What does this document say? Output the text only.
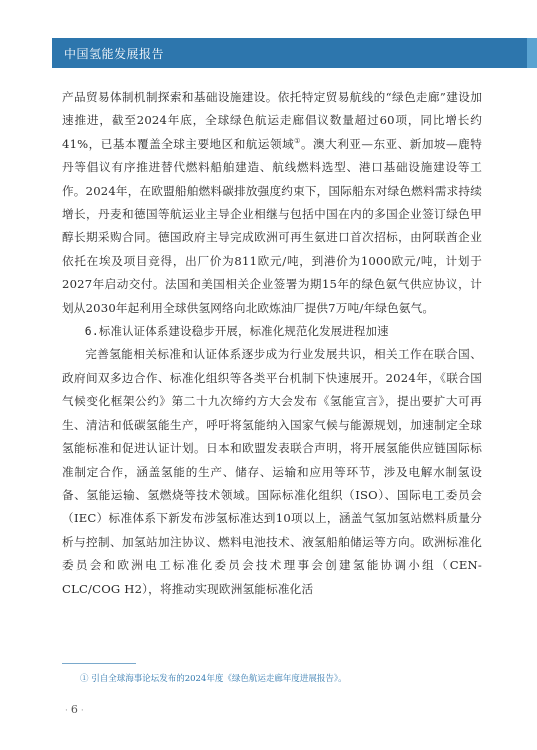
中国氢能发展报告

产品贸易体制机制探索和基础设施建设。依托特定贸易航线的“绿色走廊”建设加速推进，截至2024年底，全球绿色航运走廊倡议数量超过60项，同比增长约41%，已基本覆盖全球主要地区和航运领域①。澳大利亚—东亚、新加坡—鹿特丹等倡议有序推进替代燃料船舶建造、航线燃料选型、港口基础设施建设等工作。2024年，在欧盟船舶燃料碳排放强度约束下，国际船东对绿色燃料需求持续增长，丹麦和德国等航运业主导企业相继与包括中国在内的多国企业签订绿色甲醇长期采购合同。德国政府主导完成欧洲可再生氨进口首次招标，由阿联酋企业依托在埃及项目竞得，出厂价为811欧元/吨，到港价为1000欧元/吨，计划于2027年启动交付。法国和美国相关企业签署为期15年的绿色氨气供应协议，计划从2030年起利用全球供氢网络向北欧炼油厂提供7万吨/年绿色氨气。

6.标准认证体系建设稳步开展，标准化规范化发展进程加速

完善氢能相关标准和认证体系逐步成为行业发展共识，相关工作在联合国、政府间双多边合作、标准化组织等各类平台机制下快速展开。2024年，《联合国气候变化框架公约》第二十九次缔约方大会发布《氢能宣言》，提出要扩大可再生、清洁和低碳氢能生产，呼吁将氢能纳入国家气候与能源规划，加速制定全球氢能标准和促进认证计划。日本和欧盟发表联合声明，将开展氢能供应链国际标准制定合作，涵盖氢能的生产、储存、运输和应用等环节，涉及电解水制氢设备、氢能运输、氢燃烧等技术领域。国际标准化组织（ISO）、国际电工委员会（IEC）标准体系下新发布涉氢标准达到10项以上，涵盖气氢加氢站燃料质量分析与控制、加氢站加注协议、燃料电池技术、液氢船舶储运等方向。欧洲标准化委员会和欧洲电工标准化委员会技术理事会创建氢能协调小组（CEN-CLC/COG H2），将推动实现欧洲氢能标准化活

① 引自全球海事论坛发布的2024年度《绿色航运走廊年度进展报告》。
· 6 ·
